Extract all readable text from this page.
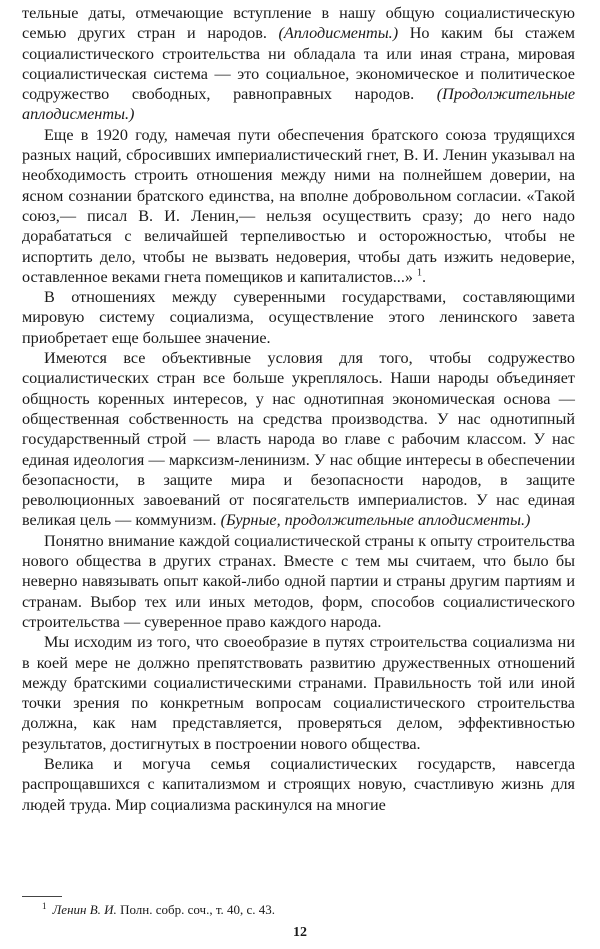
тельные даты, отмечающие вступление в нашу общую социалистическую семью других стран и народов. (Аплодисменты.) Но каким бы стажем социалистического строительства ни обладала та или иная страна, мировая социалистическая система — это социальное, экономическое и политическое содружество свободных, равноправных народов. (Продолжительные аплодисменты.)

Еще в 1920 году, намечая пути обеспечения братского союза трудящихся разных наций, сбросивших империалистический гнет, В. И. Ленин указывал на необходимость строить отношения между ними на полнейшем доверии, на ясном сознании братского единства, на вполне добровольном согласии. «Такой союз,— писал В. И. Ленин,— нельзя осуществить сразу; до него надо дорабататься с величайшей терпеливостью и осторожностью, чтобы не испортить дело, чтобы не вызвать недоверия, чтобы дать изжить недоверие, оставленное веками гнета помещиков и капиталистов...» $^1$.

В отношениях между суверенными государствами, составляющими мировую систему социализма, осуществление этого ленинского завета приобретает еще большее значение.

Имеются все объективные условия для того, чтобы содружество социалистических стран все больше укреплялось. Наши народы объединяет общность коренных интересов, у нас однотипная экономическая основа — общественная собственность на средства производства. У нас однотипный государственный строй — власть народа во главе с рабочим классом. У нас единая идеология — марксизм-ленинизм. У нас общие интересы в обеспечении безопасности, в защите мира и безопасности народов, в защите революционных завоеваний от посягательств империалистов. У нас единая великая цель — коммунизм. (Бурные, продолжительные аплодисменты.)

Понятно внимание каждой социалистической страны к опыту строительства нового общества в других странах. Вместе с тем мы считаем, что было бы неверно навязывать опыт какой-либо одной партии и страны другим партиям и странам. Выбор тех или иных методов, форм, способов социалистического строительства — суверенное право каждого народа.

Мы исходим из того, что своеобразие в путях строительства социализма ни в коей мере не должно препятствовать развитию дружественных отношений между братскими социалистическими странами. Правильность той или иной точки зрения по конкретным вопросам социалистического строительства должна, как нам представляется, проверяться делом, эффективностью результатов, достигнутых в построении нового общества.

Велика и могуча семья социалистических государств, навсегда распрощавшихся с капитализмом и строящих новую, счастливую жизнь для людей труда. Мир социализма раскинулся на многие

$^1$ Ленин В. И. Полн. собр. соч., т. 40, с. 43.

12
